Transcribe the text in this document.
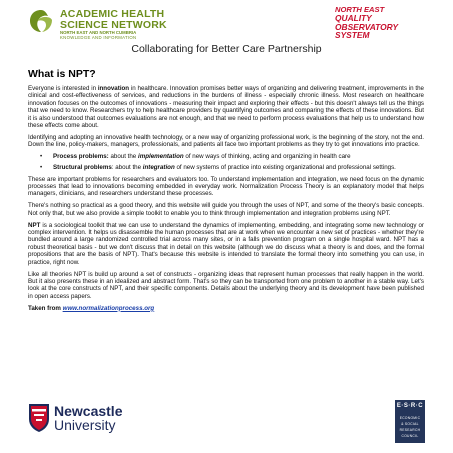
ACADEMIC HEALTH
SCIENCE NETWORK
NORTH EAST AND NORTH CUMBRIA
KNOWLEDGE AND INFORMATION
NORTH EAST
QUALITY
OBSERVATORY
SYSTEM
Collaborating for Better Care Partnership
What is NPT?

Everyone is interested in innovation in healthcare. Innovation promises better ways of organizing and delivering treatment, improvements in the clinical and cost-effectiveness of services, and reductions in the burdens of illness - especially chronic illness. Most research on healthcare innovation focuses on the outcomes of innovations - measuring their impact and exploring their effects - but this doesn't always tell us the things that we need to know. Researchers try to help healthcare providers by quantifying outcomes and comparing the effects of these innovations. But it is also understood that outcomes evaluations are not enough, and that we need to perform process evaluations that help us to understand how these effects come about.

Identifying and adopting an innovative health technology, or a new way of organizing professional work, is the beginning of the story, not the end. Down the line, policy-makers, managers, professionals, and patients all face two important problems as they try to get innovations into practice.

• Process problems: about the implementation of new ways of thinking, acting and organizing in health care
• Structural problems: about the integration of new systems of practice into existing organizational and professional settings.

These are important problems for researchers and evaluators too. To understand implementation and integration, we need focus on the dynamic processes that lead to innovations becoming embedded in everyday work. Normalization Process Theory is an explanatory model that helps managers, clinicians, and researchers understand these processes.

There's nothing so practical as a good theory, and this website will guide you through the uses of NPT, and some of the theory's basic concepts. Not only that, but we also provide a simple toolkit to enable you to think through implementation and integration problems using NPT.

NPT is a sociological toolkit that we can use to understand the dynamics of implementing, embedding, and integrating some new technology or complex intervention. It helps us disassemble the human processes that are at work when we encounter a new set of practices - whether they're bundled around a large randomized controlled trial across many sites, or in a falls prevention program on a single hospital ward. NPT has a robust theoretical basis - but we don't discuss that in detail on this website (although we do discuss what a theory is and does, and the formal propositions that are the basis of NPT). That's because this website is intended to translate the formal theory into something you can use, in practice, right now.

Like all theories NPT is build up around a set of constructs - organizing ideas that represent human processes that really happen in the world. But it also presents these in an idealized and abstract form. That's so they can be transported from one problem to another in a stable way. Let's look at the core constructs of NPT, and their specific components. Details about the underlying theory and its development have been published in open access papers.

Taken from www.normalizationprocess.org
Newcastle
University
E·S·R·C
ECONOMIC
& SOCIAL
RESEARCH
COUNCIL
